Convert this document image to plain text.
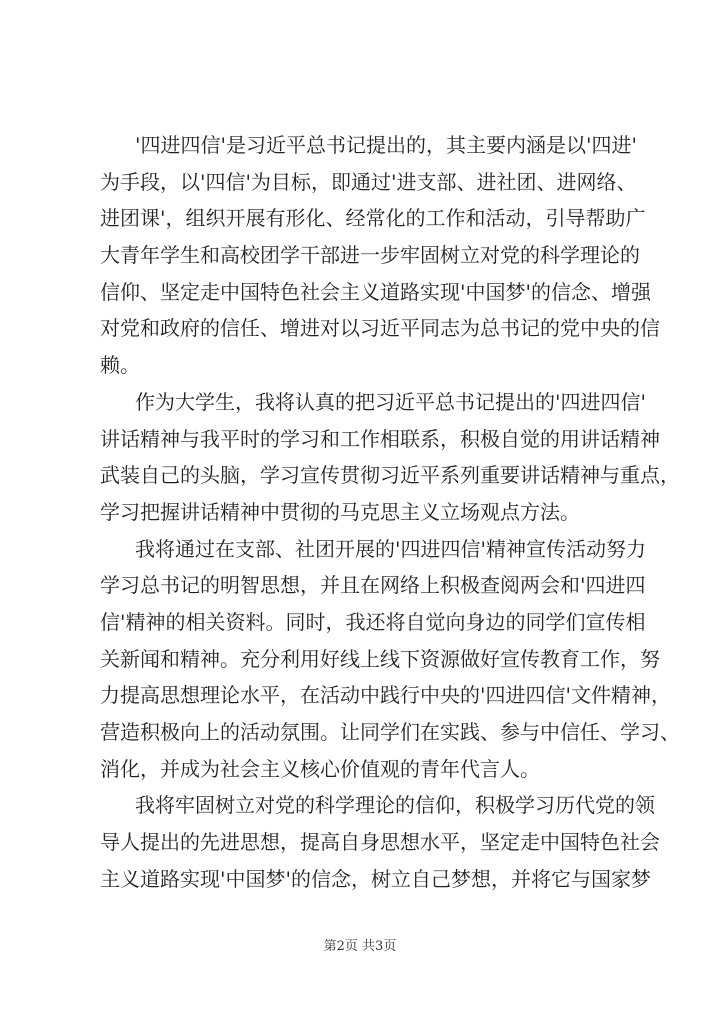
'四进四信'是习近平总书记提出的，其主要内涵是以'四进'
为手段，以'四信'为目标，即通过'进支部、进社团、进网络、
进团课'，组织开展有形化、经常化的工作和活动，引导帮助广
大青年学生和高校团学干部进一步牢固树立对党的科学理论的
信仰、坚定走中国特色社会主义道路实现'中国梦'的信念、增强
对党和政府的信任、增进对以习近平同志为总书记的党中央的信
赖。
作为大学生，我将认真的把习近平总书记提出的'四进四信'
讲话精神与我平时的学习和工作相联系，积极自觉的用讲话精神
武装自己的头脑，学习宣传贯彻习近平系列重要讲话精神与重点，
学习把握讲话精神中贯彻的马克思主义立场观点方法。
我将通过在支部、社团开展的'四进四信'精神宣传活动努力
学习总书记的明智思想，并且在网络上积极查阅两会和'四进四
信'精神的相关资料。同时，我还将自觉向身边的同学们宣传相
关新闻和精神。充分利用好线上线下资源做好宣传教育工作，努
力提高思想理论水平，在活动中践行中央的'四进四信'文件精神，
营造积极向上的活动氛围。让同学们在实践、参与中信任、学习、
消化，并成为社会主义核心价值观的青年代言人。
我将牢固树立对党的科学理论的信仰，积极学习历代党的领
导人提出的先进思想，提高自身思想水平，坚定走中国特色社会
主义道路实现'中国梦'的信念，树立自己梦想，并将它与国家梦
第2页 共3页
